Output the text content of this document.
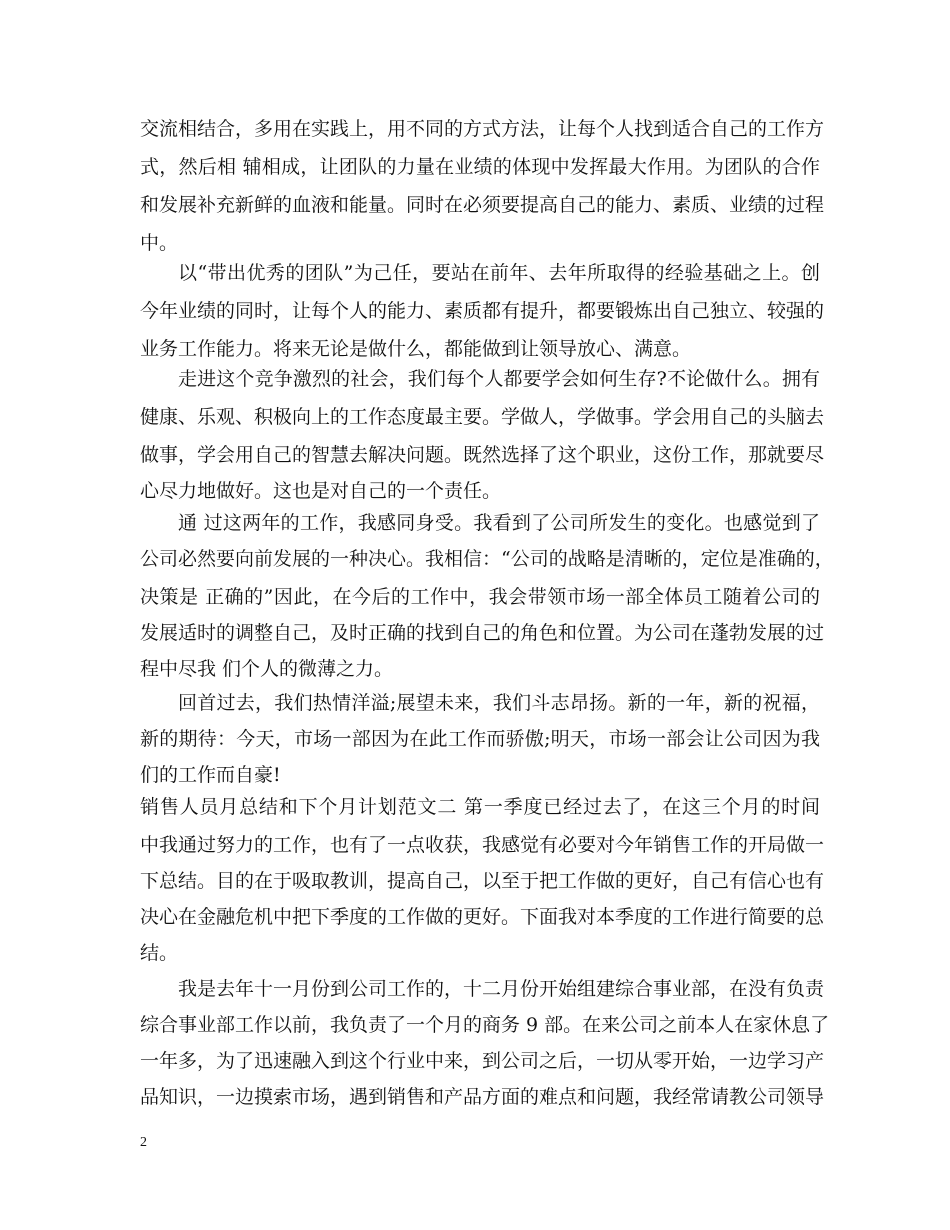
交流相结合，多用在实践上，用不同的方式方法，让每个人找到适合自己的工作方
式，然后相 辅相成，让团队的力量在业绩的体现中发挥最大作用。为团队的合作
和发展补充新鲜的血液和能量。同时在必须要提高自己的能力、素质、业绩的过程
中。
以“带出优秀的团队”为己任，要站在前年、去年所取得的经验基础之上。创
今年业绩的同时，让每个人的能力、素质都有提升，都要锻炼出自己独立、较强的
业务工作能力。将来无论是做什么，都能做到让领导放心、满意。
走进这个竞争激烈的社会，我们每个人都要学会如何生存?不论做什么。拥有
健康、乐观、积极向上的工作态度最主要。学做人，学做事。学会用自己的头脑去
做事，学会用自己的智慧去解决问题。既然选择了这个职业，这份工作，那就要尽
心尽力地做好。这也是对自己的一个责任。
通 过这两年的工作，我感同身受。我看到了公司所发生的变化。也感觉到了
公司必然要向前发展的一种决心。我相信：“公司的战略是清晰的，定位是准确的，
决策是 正确的”因此，在今后的工作中，我会带领市场一部全体员工随着公司的
发展适时的调整自己，及时正确的找到自己的角色和位置。为公司在蓬勃发展的过
程中尽我 们个人的微薄之力。
回首过去，我们热情洋溢;展望未来，我们斗志昂扬。新的一年，新的祝福，
新的期待：今天，市场一部因为在此工作而骄傲;明天，市场一部会让公司因为我
们的工作而自豪!
销售人员月总结和下个月计划范文二 第一季度已经过去了，在这三个月的时间
中我通过努力的工作，也有了一点收获，我感觉有必要对今年销售工作的开局做一
下总结。目的在于吸取教训，提高自己，以至于把工作做的更好，自己有信心也有
决心在金融危机中把下季度的工作做的更好。下面我对本季度的工作进行简要的总
结。
我是去年十一月份到公司工作的，十二月份开始组建综合事业部，在没有负责
综合事业部工作以前，我负责了一个月的商务 9 部。在来公司之前本人在家休息了
一年多，为了迅速融入到这个行业中来，到公司之后，一切从零开始，一边学习产
品知识，一边摸索市场，遇到销售和产品方面的难点和问题，我经常请教公司领导
2
